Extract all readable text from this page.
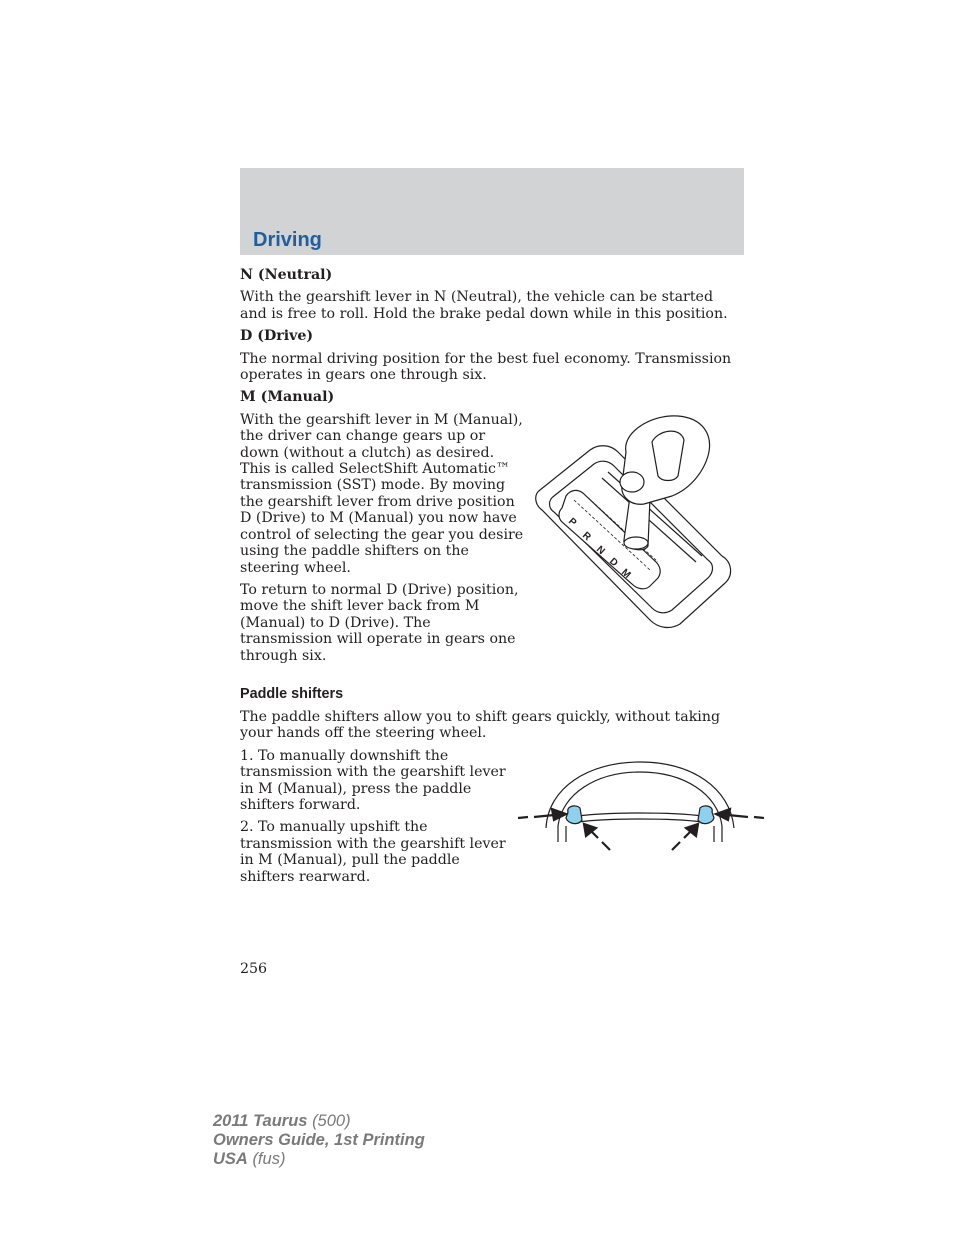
Driving
N (Neutral)

With the gearshift lever in N (Neutral), the vehicle can be started and is free to roll. Hold the brake pedal down while in this position.

D (Drive)

The normal driving position for the best fuel economy. Transmission operates in gears one through six.

M (Manual)
P
R
N
D
M

With the gearshift lever in M (Manual), the driver can change gears up or down (without a clutch) as desired. This is called SelectShift Automatic™ transmission (SST) mode. By moving the gearshift lever from drive position D (Drive) to M (Manual) you now have control of selecting the gear you desire using the paddle shifters on the steering wheel.

To return to normal D (Drive) position, move the shift lever back from M (Manual) to D (Drive). The transmission will operate in gears one through six.

Paddle shifters

The paddle shifters allow you to shift gears quickly, without taking your hands off the steering wheel.

1. To manually downshift the transmission with the gearshift lever in M (Manual), press the paddle shifters forward.

2. To manually upshift the transmission with the gearshift lever in M (Manual), pull the paddle shifters rearward.

256
2011 Taurus (500)
Owners Guide, 1st Printing
USA (fus)
